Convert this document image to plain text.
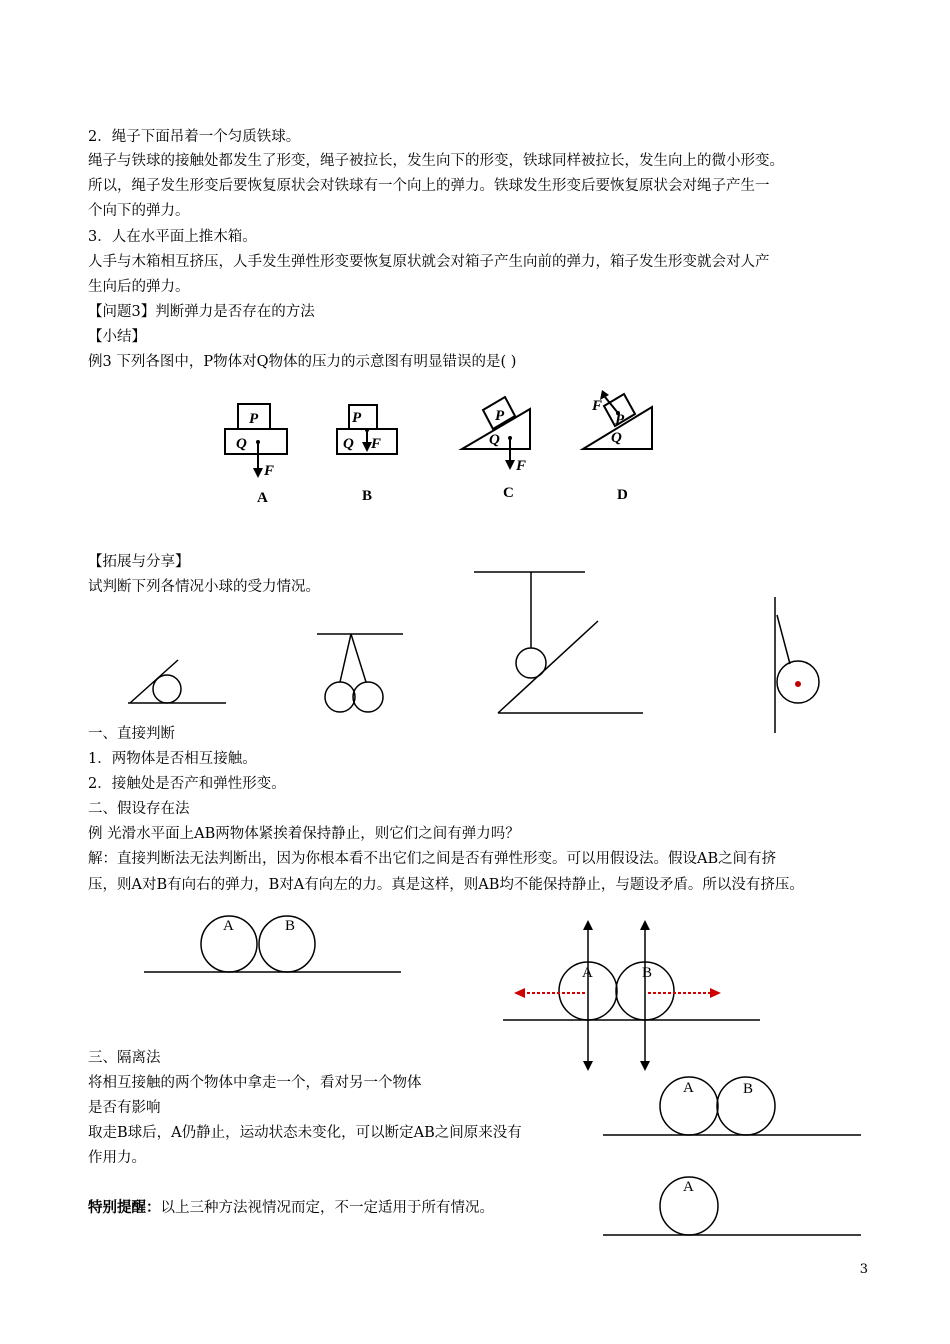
2．绳子下面吊着一个匀质铁球。
绳子与铁球的接触处都发生了形变，绳子被拉长，发生向下的形变，铁球同样被拉长，发生向上的微小形变。
所以，绳子发生形变后要恢复原状会对铁球有一个向上的弹力。铁球发生形变后要恢复原状会对绳子产生一
个向下的弹力。
3．人在水平面上推木箱。
人手与木箱相互挤压，人手发生弹性形变要恢复原状就会对箱子产生向前的弹力，箱子发生形变就会对人产
生向后的弹力。
【问题3】判断弹力是否存在的方法
【小结】
例3 下列各图中，P物体对Q物体的压力的示意图有明显错误的是( )
P
Q
F
P
Q F
P
Q
F
F
P
Q
A	B	C	D
【拓展与分享】
试判断下列各情况小球的受力情况。
一、直接判断
1．两物体是否相互接触。
2．接触处是否产和弹性形变。
二、假设存在法
例 光滑水平面上AB两物体紧挨着保持静止，则它们之间有弹力吗？
解：直接判断法无法判断出，因为你根本看不出它们之间是否有弹性形变。可以用假设法。假设AB之间有挤
压，则A对B有向右的弹力，B对A有向左的力。真是这样，则AB均不能保持静止，与题设矛盾。所以没有挤压。
A	B
A	B
A	B
A
三、隔离法
将相互接触的两个物体中拿走一个，看对另一个物体
是否有影响
取走B球后，A仍静止，运动状态未变化，可以断定AB之间原来没有
作用力。
特别提醒：以上三种方法视情况而定，不一定适用于所有情况。
3
